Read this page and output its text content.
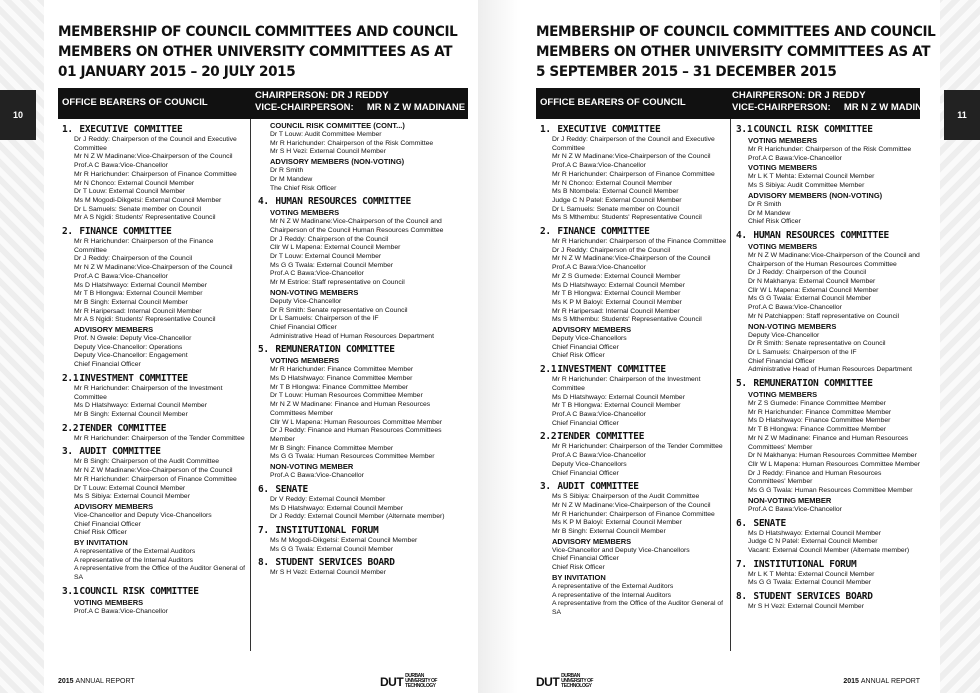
10	11
MEMBERSHIP OF COUNCIL COMMITTEES AND COUNCIL
MEMBERS ON OTHER UNIVERSITY COMMITTEES AS AT
01 JANUARY 2015 – 20 JULY 2015
OFFICE BEARERS OF COUNCIL
CHAIRPERSON: DR J REDDY
VICE-CHAIRPERSON:     MR N Z W MADINANE
1. EXECUTIVE COMMITTEE
Dr J Reddy: Chairperson of the Council and Executive Committee
Mr N Z W Madinane:Vice-Chairperson of the Council
Prof.A C Bawa:Vice-Chancellor
Mr R Harichunder: Chairperson of Finance Committee
Mr N Chonco: External Council Member
Dr T Louw: External Council Member
Ms M Mogodi-Dikgetsi: External Council Member
Dr L Samuels: Senate member on Council
Mr A S Ngidi: Students' Representative Council
2. FINANCE COMMITTEE
Mr R Harichunder: Chairperson of the Finance Committee
Dr J Reddy: Chairperson of the Council
Mr N Z W Madinane:Vice-Chairperson of the Council
Prof.A C Bawa:Vice-Chancellor
Ms D Hlatshwayo: External Council Member
Mr T B Hlongwa: External Council Member
Mr B Singh: External Council Member
Mr R Haripersad: Internal Council Member
Mr A S Ngidi: Students' Representative Council
ADVISORY MEMBERS
Prof. N Gwele: Deputy Vice-Chancellor
Deputy Vice-Chancellor: Operations
Deputy Vice-Chancellor: Engagement
Chief Financial Officer
2.1. INVESTMENT COMMITTEE
Mr R Harichunder: Chairperson of the Investment Committee
Ms D Hlatshwayo: External Council Member
Mr B Singh: External Council Member
2.2. TENDER COMMITTEE
Mr R Harichunder: Chairperson of the Tender Committee
3. AUDIT COMMITTEE
Mr B Singh: Chairperson of the Audit Committee
Mr N Z W Madinane:Vice-Chairperson of the Council
Mr R Harichunder: Chairperson of Finance Committee
Dr T Louw: External Council Member
Ms S Sibiya: External Council Member
ADVISORY MEMBERS
Vice-Chancellor and Deputy Vice-Chancellors
Chief Financial Officer
Chief Risk Officer
BY INVITATION
A representative of the External Auditors
A representative of the Internal Auditors
A representative from the Office of the Auditor General of SA
3.1 COUNCIL RISK COMMITTEE
VOTING MEMBERS
Prof.A C Bawa:Vice-Chancellor
COUNCIL RISK COMMITTEE (CONT...)
Dr T Louw: Audit Committee Member
Mr R Harichunder: Chairperson of the Risk Committee
Mr S H Vezi: External Council Member
ADVISORY MEMBERS (NON-VOTING)
Dr R Smith
Dr M Mandew
The Chief Risk Officer
4. HUMAN RESOURCES COMMITTEE
VOTING MEMBERS
Mr N Z W Madinane:Vice-Chairperson of the Council and Chairperson of the Council Human Resources Committee
Dr J Reddy: Chairperson of the Council
Cllr W L Mapena: External Council Member
Dr T Louw: External Council Member
Ms G G Twala: External Council Member
Prof.A C Bawa:Vice-Chancellor
Mr M Estrice: Staff representative on Council
NON-VOTING MEMBERS
Deputy Vice-Chancellor
Dr R Smith: Senate representative on Council
Dr L Samuels: Chairperson of the IF
Chief Financial Officer
Administrative Head of Human Resources Department
5. REMUNERATION COMMITTEE
VOTING MEMBERS
Mr R Harichunder: Finance Committee Member
Ms D Hlatshwayo: Finance Committee Member
Mr T B Hlongwa: Finance Committee Member
Dr T Louw: Human Resources Committee Member
Mr N Z W Madinane: Finance and Human Resources Committees Member
Cllr W L Mapena: Human Resources Committee Member
Dr J Reddy: Finance and Human Resources Committees Member
Mr B Singh: Finance Committee Member
Ms G G Twala: Human Resources Committee Member
NON-VOTING MEMBER
Prof.A C Bawa:Vice-Chancellor
6. SENATE
Dr V Reddy: External Council Member
Ms D Hlatshwayo: External Council Member
Dr J Reddy: External Council Member (Alternate member)
7. INSTITUTIONAL FORUM
Ms M Mogodi-Dikgetsi: External Council Member
Ms G G Twala: External Council Member
8. STUDENT SERVICES BOARD
Mr S H Vezi: External Council Member
2015 ANNUAL REPORT	DUT DURBAN
UNIVERSITY OF
TECHNOLOGY
MEMBERSHIP OF COUNCIL COMMITTEES AND COUNCIL
MEMBERS ON OTHER UNIVERSITY COMMITTEES AS AT
5 SEPTEMBER 2015 – 31 DECEMBER 2015
OFFICE BEARERS OF COUNCIL
CHAIRPERSON: DR J REDDY
VICE-CHAIRPERSON:     MR N Z W MADINANE
1. EXECUTIVE COMMITTEE
Dr J Reddy: Chairperson of the Council and Executive Committee
Mr N Z W Madinane:Vice-Chairperson of the Council
Prof.A C Bawa:Vice-Chancellor
Mr R Harichunder: Chairperson of Finance Committee
Mr N Chonco: External Council Member
Ms B Ntombela: External Council Member
Judge C N Patel: External Council Member
Dr L Samuels: Senate member on Council
Ms S Mthembu: Students' Representative Council
2. FINANCE COMMITTEE
Mr R Harichunder: Chairperson of the Finance Committee
Dr J Reddy: Chairperson of the Council
Mr N Z W Madinane:Vice-Chairperson of the Council
Prof.A C Bawa:Vice-Chancellor
Mr Z S Gumede: External Council Member
Ms D Hlatshwayo: External Council Member
Mr T B Hlongwa: External Council Member
Ms K P M Baloyi: External Council Member
Mr R Haripersad: Internal Council Member
Ms S Mthembu: Students' Representative Council
ADVISORY MEMBERS
Deputy Vice-Chancellors
Chief Financial Officer
Chief Risk Officer
2.1. INVESTMENT COMMITTEE
Mr R Harichunder: Chairperson of the Investment Committee
Ms D Hlatshwayo: External Council Member
Mr T B Hlongwa: External Council Member
Prof.A C Bawa:Vice-Chancellor
Chief Financial Officer
2.2. TENDER COMMITTEE
Mr R Harichunder: Chairperson of the Tender Committee
Prof.A C Bawa:Vice-Chancellor
Deputy Vice-Chancellors
Chief Financial Officer
3. AUDIT COMMITTEE
Ms S Sibiya: Chairperson of the Audit Committee
Mr N Z W Madinane:Vice-Chairperson of the Council
Mr R Harichunder: Chairperson of Finance Committee
Ms K P M Baloyi: External Council Member
Mr B Singh: External Council Member
ADVISORY MEMBERS
Vice-Chancellor and Deputy Vice-Chancellors
Chief Financial Officer
Chief Risk Officer
BY INVITATION
A representative of the External Auditors
A representative of the Internal Auditors
A representative from the Office of the Auditor General of SA
3.1 COUNCIL RISK COMMITTEE
VOTING MEMBERS
Mr R Harichunder: Chairperson of the Risk Committee
Prof.A C Bawa:Vice-Chancellor
VOTING MEMBERS
Mr L K T Mehta: External Council Member
Ms S Sibiya: Audit Committee Member
ADVISORY MEMBERS (NON-VOTING)
Dr R Smith
Dr M Mandew
Chief Risk Officer
4. HUMAN RESOURCES COMMITTEE
VOTING MEMBERS
Mr N Z W Madinane:Vice-Chairperson of the Council and Chairperson of the Human Resources Committee
Dr J Reddy: Chairperson of the Council
Dr N Makhanya: External Council Member
Cllr W L Mapena: External Council Member
Ms G G Twala: External Council Member
Prof.A C Bawa:Vice-Chancellor
Mr N Patchiappen: Staff representative on Council
NON-VOTING MEMBERS
Deputy Vice-Chancellor
Dr R Smith: Senate representative on Council
Dr L Samuels: Chairperson of the IF
Chief Financial Officer
Administrative Head of Human Resources Department
5. REMUNERATION COMMITTEE
VOTING MEMBERS
Mr Z S Gumede: Finance Committee Member
Mr R Harichunder: Finance Committee Member
Ms D Hlatshwayo: Finance Committee Member
Mr T B Hlongwa: Finance Committee Member
Mr N Z W Madinane: Finance and Human Resources Committees' Member
Dr N Makhanya: Human Resources Committee Member
Cllr W L Mapena: Human Resources Committee Member
Dr J Reddy: Finance and Human Resources Committees' Member
Ms G G Twala: Human Resources Committee Member
NON-VOTING MEMBER
Prof.A C Bawa:Vice-Chancellor
6. SENATE
Ms D Hlatshwayo: External Council Member
Judge C N Patel: External Council Member
Vacant: External Council Member (Alternate member)
7. INSTITUTIONAL FORUM
Mr L K T Mehta: External Council Member
Ms G G Twala: External Council Member
8. STUDENT SERVICES BOARD
Mr S H Vezi: External Council Member
DUT DURBAN
UNIVERSITY OF
TECHNOLOGY
2015 ANNUAL REPORT
